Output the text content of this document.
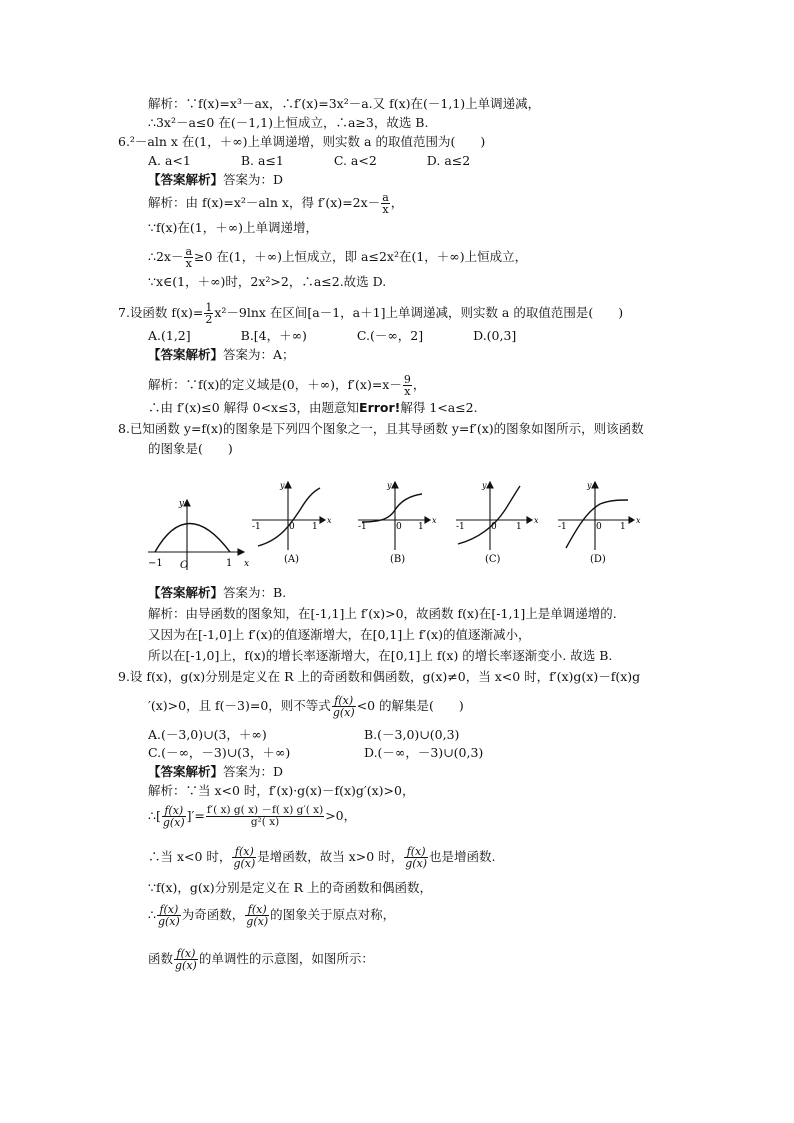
解析：∵f(x)=x³－ax，∴f′(x)=3x²－a.又 f(x)在(－1,1)上单调递减，
∴3x²－a≤0 在(－1,1)上恒成立，∴a≥3，故选 B.
6.²－aln x 在(1，＋∞)上单调递增，则实数 a 的取值范围为(　　)
A. a<1　　　　B. a≤1　　　　C. a<2　　　　D. a≤2
【答案解析】答案为：D
解析：由 f(x)=x²－aln x，得 $f'(x)=2x- \frac{a}{x}$ ，
∵f(x)在(1，＋∞)上单调递增，
∴2x－ $\frac{a}{x} \ge 0$ 在(1，＋∞)上恒成立，即 a≤2x²在(1，＋∞)上恒成立，
∵x∈(1，＋∞)时，2x²>2，∴a≤2.故选 D.
7.设函数 $f(x)= \frac{1}{2} x^2-9\ln x$ 在区间[a－1，a＋1]上单调递减，则实数 a 的取值范围是(　　)
A.(1,2]　　　　B.[4，＋∞)　　　　C.(－∞，2]　　　　D.(0,3]
【答案解析】答案为：A；
解析：∵f(x)的定义域是(0，＋∞)，$f'(x)=x- \frac{9}{x}$ ，
∴由 f′(x)≤0 解得 0<x≤3，由题意知Error!解得 1<a≤2.
8.已知函数 y=f(x)的图象是下列四个图象之一，且其导函数 y=f′(x)的图象如图所示，则该函数
的图象是(　　)
y
x
−1	1
O
y
x
-1	0 1
(A)
y
x
-1	0 1
(B)
y
x
-1	0 1
(C)
y
x
-1	0 1
(D)
【答案解析】答案为：B.
解析：由导函数的图象知，在[-1,1]上 f′(x)>0，故函数 f(x)在[-1,1]上是单调递增的.
又因为在[-1,0]上 f′(x)的值逐渐增大，在[0,1]上 f′(x)的值逐渐减小，
所以在[-1,0]上，f(x)的增长率逐渐增大，在[0,1]上 f(x) 的增长率逐渐变小. 故选 B.
9.设 f(x)，g(x)分别是定义在 R 上的奇函数和偶函数，g(x)≠0，当 x<0 时，f′(x)g(x)－f(x)g
′(x)>0，且 f(－3)=0，则不等式 $\frac{f(x)}{g(x)} <0$ 的解集是(　　)
A.(－3,0)∪(3，＋∞)	B.(－3,0)∪(0,3)
C.(－∞，－3)∪(3，＋∞)	D.(－∞，－3)∪(0,3)
【答案解析】答案为：D
解析：∵当 x<0 时，f′(x)·g(x)－f(x)g′(x)>0，
∴[ $\frac{f(x)}{g(x)}$ ]′= $\frac{f'( x) g( x) -f( x) g'( x)}{\text{g²( x)}} >0$，
∴当 x<0 时， $\frac{f(x)}{g(x)}$ 是增函数，故当 x>0 时， $\frac{f(x)}{g(x)}$ 也是增函数.
∵f(x)，g(x)分别是定义在 R 上的奇函数和偶函数，
∴ $\frac{f(x)}{g(x)}$ 为奇函数， $\frac{f(x)}{g(x)}$ 的图象关于原点对称，
函数 $\frac{f(x)}{g(x)}$ 的单调性的示意图，如图所示：
